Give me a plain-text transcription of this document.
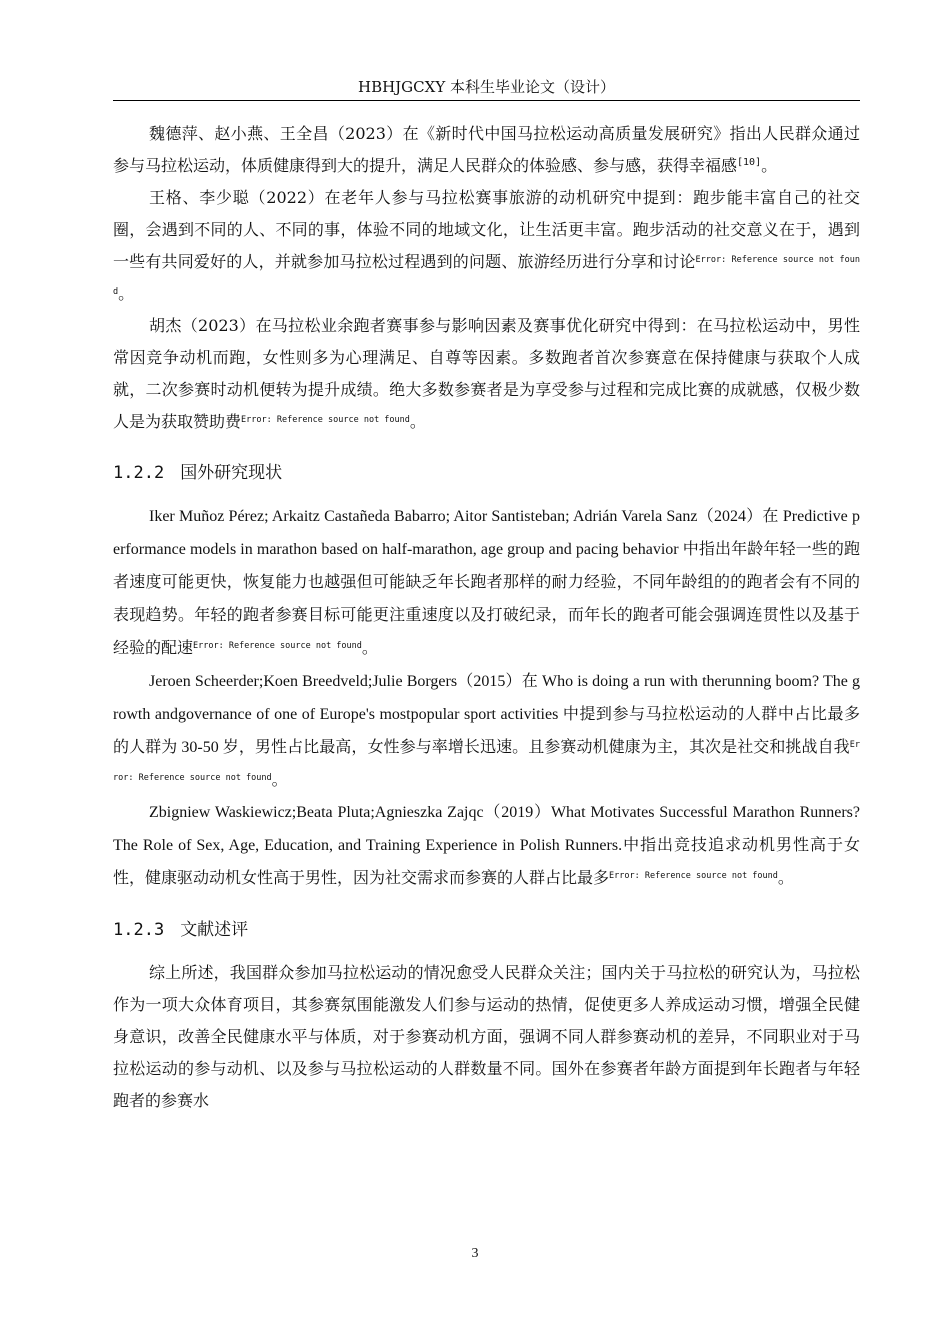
HBHJGCXY 本科生毕业论文（设计）

魏德萍、赵小燕、王全昌（2023）在《新时代中国马拉松运动高质量发展研究》指出人民群众通过参与马拉松运动，体质健康得到大的提升，满足人民群众的体验感、参与感，获得幸福感[10]。

王格、李少聪（2022）在老年人参与马拉松赛事旅游的动机研究中提到：跑步能丰富自己的社交圈，会遇到不同的人、不同的事，体验不同的地域文化，让生活更丰富。跑步活动的社交意义在于，遇到一些有共同爱好的人，并就参加马拉松过程遇到的问题、旅游经历进行分享和讨论$^{Error: Reference source not found}$。

胡杰（2023）在马拉松业余跑者赛事参与影响因素及赛事优化研究中得到：在马拉松运动中，男性常因竞争动机而跑，女性则多为心理满足、自尊等因素。多数跑者首次参赛意在保持健康与获取个人成就，二次参赛时动机便转为提升成绩。绝大多数参赛者是为享受参与过程和完成比赛的成就感，仅极少数人是为获取赞助费$^{Error: Reference source not found}$。

1.2.2 国外研究现状

Iker Muñoz Pérez; Arkaitz Castañeda Babarro; Aitor Santisteban; Adrián Varela Sanz（2024）在 Predictive performance models in marathon based on half-marathon, age group and pacing behavior 中指出年龄年轻一些的跑者速度可能更快，恢复能力也越强但可能缺乏年长跑者那样的耐力经验，不同年龄组的的跑者会有不同的表现趋势。年轻的跑者参赛目标可能更注重速度以及打破纪录，而年长的跑者可能会强调连贯性以及基于经验的配速$^{Error: Reference source not found}$。

Jeroen Scheerder;Koen Breedveld;Julie Borgers（2015）在 Who is doing a run with therunning boom? The growth andgovernance of one of Europe's mostpopular sport activities 中提到参与马拉松运动的人群中占比最多的人群为 30-50 岁，男性占比最高，女性参与率增长迅速。且参赛动机健康为主，其次是社交和挑战自我$^{Error: Reference source not found}$。

Zbigniew Waskiewicz;Beata Pluta;Agnieszka Zajqc（2019）What Motivates Successful Marathon Runners? The Role of Sex, Age, Education, and Training Experience in Polish Runners.中指出竞技追求动机男性高于女性，健康驱动动机女性高于男性，因为社交需求而参赛的人群占比最多$^{Error: Reference source not found}$。

1.2.3 文献述评

综上所述，我国群众参加马拉松运动的情况愈受人民群众关注；国内关于马拉松的研究认为，马拉松作为一项大众体育项目，其参赛氛围能激发人们参与运动的热情，促使更多人养成运动习惯，增强全民健身意识，改善全民健康水平与体质，对于参赛动机方面，强调不同人群参赛动机的差异，不同职业对于马拉松运动的参与动机、以及参与马拉松运动的人群数量不同。国外在参赛者年龄方面提到年长跑者与年轻跑者的参赛水

3
